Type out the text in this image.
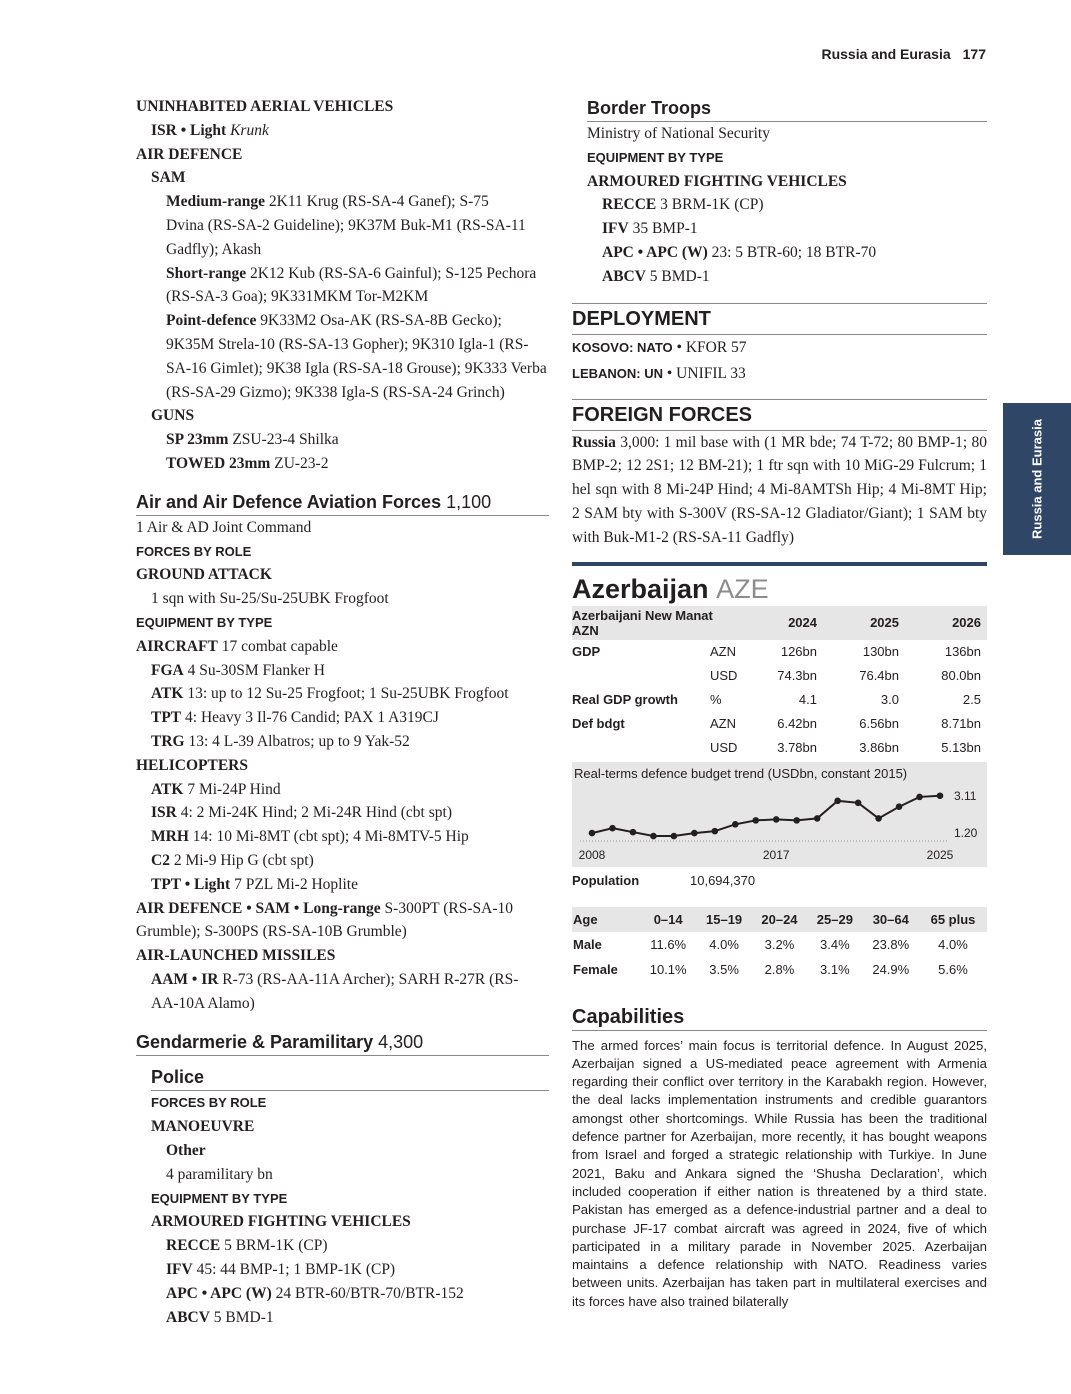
Russia and Eurasia 177
Russia and Eurasia
UNINHABITED AERIAL VEHICLES
ISR • Light Krunk
AIR DEFENCE
SAM
Medium-range 2K11 Krug (RS-SA-4 Ganef); S-75
Dvina (RS-SA-2 Guideline); 9K37M Buk-M1 (RS-SA-11
Gadfly); Akash
Short-range 2K12 Kub (RS-SA-6 Gainful); S-125 Pechora
(RS-SA-3 Goa); 9K331MKM Tor-M2KM
Point-defence 9K33M2 Osa-AK (RS-SA-8B Gecko);
9K35M Strela-10 (RS-SA-13 Gopher); 9K310 Igla-1 (RS-
SA-16 Gimlet); 9K38 Igla (RS-SA-18 Grouse); 9K333 Verba
(RS-SA-29 Gizmo); 9K338 Igla-S (RS-SA-24 Grinch)
GUNS
SP 23mm ZSU-23-4 Shilka
TOWED 23mm ZU-23-2
Air and Air Defence Aviation Forces 1,100
1 Air & AD Joint Command
FORCES BY ROLE
GROUND ATTACK
1 sqn with Su-25/Su-25UBK Frogfoot
EQUIPMENT BY TYPE
AIRCRAFT 17 combat capable
FGA 4 Su-30SM Flanker H
ATK 13: up to 12 Su-25 Frogfoot; 1 Su-25UBK Frogfoot
TPT 4: Heavy 3 Il-76 Candid; PAX 1 A319CJ
TRG 13: 4 L-39 Albatros; up to 9 Yak-52
HELICOPTERS
ATK 7 Mi-24P Hind
ISR 4: 2 Mi-24K Hind; 2 Mi-24R Hind (cbt spt)
MRH 14: 10 Mi-8MT (cbt spt); 4 Mi-8MTV-5 Hip
C2 2 Mi-9 Hip G (cbt spt)
TPT • Light 7 PZL Mi-2 Hoplite
AIR DEFENCE • SAM • Long-range S-300PT (RS-SA-10
Grumble); S-300PS (RS-SA-10B Grumble)
AIR-LAUNCHED MISSILES
AAM • IR R-73 (RS-AA-11A Archer); SARH R-27R (RS-
AA-10A Alamo)
Gendarmerie & Paramilitary 4,300
Police
FORCES BY ROLE
MANOEUVRE
Other
4 paramilitary bn
EQUIPMENT BY TYPE
ARMOURED FIGHTING VEHICLES
RECCE 5 BRM-1K (CP)
IFV 45: 44 BMP-1; 1 BMP-1K (CP)
APC • APC (W) 24 BTR-60/BTR-70/BTR-152
ABCV 5 BMD-1
Border Troops
Ministry of National Security
EQUIPMENT BY TYPE
ARMOURED FIGHTING VEHICLES
RECCE 3 BRM-1K (CP)
IFV 35 BMP-1
APC • APC (W) 23: 5 BTR-60; 18 BTR-70
ABCV 5 BMD-1
DEPLOYMENT
KOSOVO: NATO • KFOR 57
LEBANON: UN • UNIFIL 33
FOREIGN FORCES
Russia 3,000: 1 mil base with (1 MR bde; 74 T-72; 80 BMP-1; 80 BMP-2; 12 2S1; 12 BM-21); 1 ftr sqn with 10 MiG-29 Fulcrum; 1 hel sqn with 8 Mi-24P Hind; 4 Mi-8AMTSh Hip; 4 Mi-8MT Hip; 2 SAM bty with S-300V (RS-SA-12 Gladiator/Giant); 1 SAM bty with Buk-M1-2 (RS-SA-11 Gadfly)
Azerbaijan AZE
Azerbaijani New Manat
AZN		2024	2025	2026
GDP	AZN	126bn	130bn	136bn
	USD	74.3bn	76.4bn	80.0bn
Real GDP growth	%	4.1	3.0	2.5
Def bdgt	AZN	6.42bn	6.56bn	8.71bn
	USD	3.78bn	3.86bn	5.13bn
Real-terms defence budget trend (USDbn, constant 2015)
3.11
1.20
2008	2017	2025
Population	10,694,370
Age	0–14	15–19	20–24	25–29	30–64	65 plus
Male	11.6%	4.0%	3.2%	3.4%	23.8%	4.0%
Female	10.1%	3.5%	2.8%	3.1%	24.9%	5.6%
Capabilities
The armed forces’ main focus is territorial defence. In August 2025, Azerbaijan signed a US-mediated peace agreement with Armenia regarding their conflict over territory in the Karabakh region. However, the deal lacks implementation instruments and credible guarantors amongst other shortcomings. While Russia has been the traditional defence partner for Azerbaijan, more recently, it has bought weapons from Israel and forged a strategic relationship with Turkiye. In June 2021, Baku and Ankara signed the ‘Shusha Declaration’, which included cooperation if either nation is threatened by a third state. Pakistan has emerged as a defence-industrial partner and a deal to purchase JF-17 combat aircraft was agreed in 2024, five of which participated in a military parade in November 2025. Azerbaijan maintains a defence relationship with NATO. Readiness varies between units. Azerbaijan has taken part in multilateral exercises and its forces have also trained bilaterally
